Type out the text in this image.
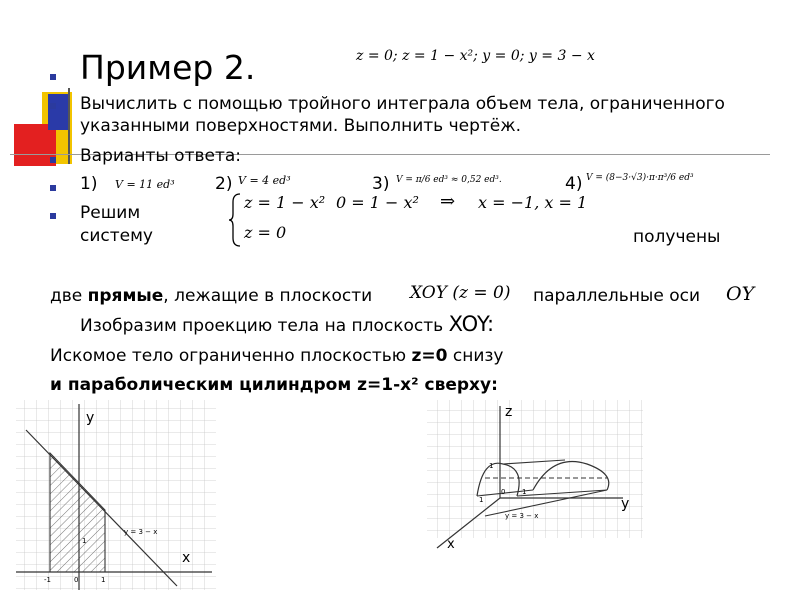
Пример 2.	z = 0; z = 1 − x²; y = 0; y = 3 − x
Вычислить с помощью тройного интеграла объем тела, ограниченного
указанными поверхностями. Выполнить чертёж.
Варианты ответа:
1) V = 11 ed³ 2) V = 4 ed³	3) V = π/6 ed³ ≈ 0,52 ed³.	4) V = (8−3·√3)·π·π³/6 ed³
Решим
систему
z = 1 − x²
z = 0
0 = 1 − x² ⇒ x = −1, x = 1
получены
две прямые, лежащие в плоскости XOY (z = 0) параллельные оси OY
Изобразим проекцию тела на плоскость XOY:
Искомое тело ограниченно плоскостью z=0 снизу
и параболическим цилиндром z=1-x² сверху:
y
x
y = 3 − x
0	1
1
-1
z
y
x
y = 3 − x
0 1
1
1
